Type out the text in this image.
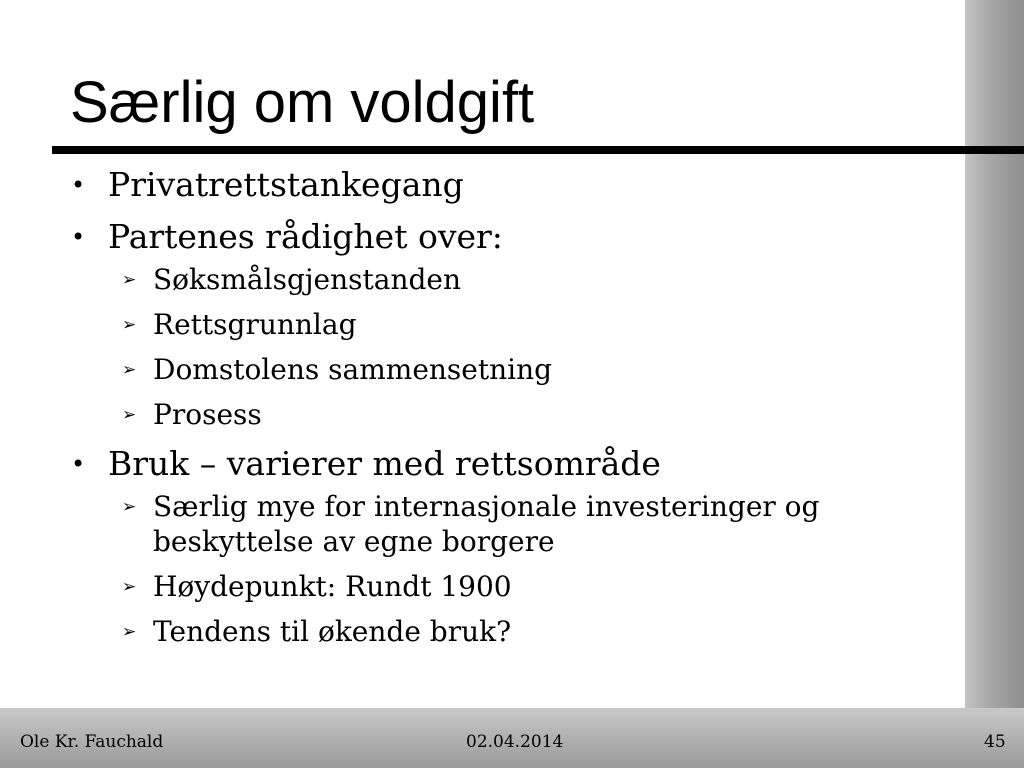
Særlig om voldgift
• Privatrettstankegang
• Partenes rådighet over:
➢ Søksmålsgjenstanden
➢ Rettsgrunnlag
➢ Domstolens sammensetning
➢ Prosess
• Bruk – varierer med rettsområde
➢ Særlig mye for internasjonale investeringer og
beskyttelse av egne borgere
➢ Høydepunkt: Rundt 1900
➢ Tendens til økende bruk?
Ole Kr. Fauchald	02.04.2014	45
